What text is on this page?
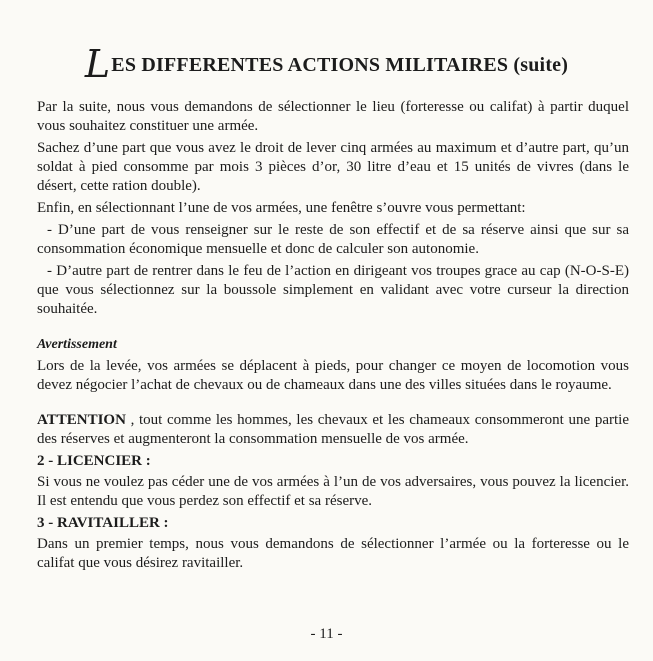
LES DIFFERENTES ACTIONS MILITAIRES (suite)

Par la suite, nous vous demandons de sélectionner le lieu (forteresse ou califat) à partir duquel vous souhaitez constituer une armée.

Sachez d’une part que vous avez le droit de lever cinq armées au maximum et d’autre part, qu’un soldat à pied consomme par mois 3 pièces d’or, 30 litre d’eau et 15 unités de vivres (dans le désert, cette ration double).

Enfin, en sélectionnant l’une de vos armées, une fenêtre s’ouvre vous permettant:

- D’une part de vous renseigner sur le reste de son effectif et de sa réserve ainsi que sur sa consommation économique mensuelle et donc de calculer son autonomie.

- D’autre part de rentrer dans le feu de l’action en dirigeant vos troupes grace au cap (N-O-S-E) que vous sélectionnez sur la boussole simplement en validant avec votre curseur la direction souhaitée.

Avertissement

Lors de la levée, vos armées se déplacent à pieds, pour changer ce moyen de locomotion vous devez négocier l’achat de chevaux ou de chameaux dans une des villes situées dans le royaume.

ATTENTION , tout comme les hommes, les chevaux et les chameaux consommeront une partie des réserves et augmenteront la consommation mensuelle de vos armée.

2 - LICENCIER :

Si vous ne voulez pas céder une de vos armées à l’un de vos adversaires, vous pouvez la licencier. Il est entendu que vous perdez son effectif et sa réserve.

3 - RAVITAILLER :

Dans un premier temps, nous vous demandons de sélectionner l’armée ou la forteresse ou le califat que vous désirez ravitailler.

- 11 -
